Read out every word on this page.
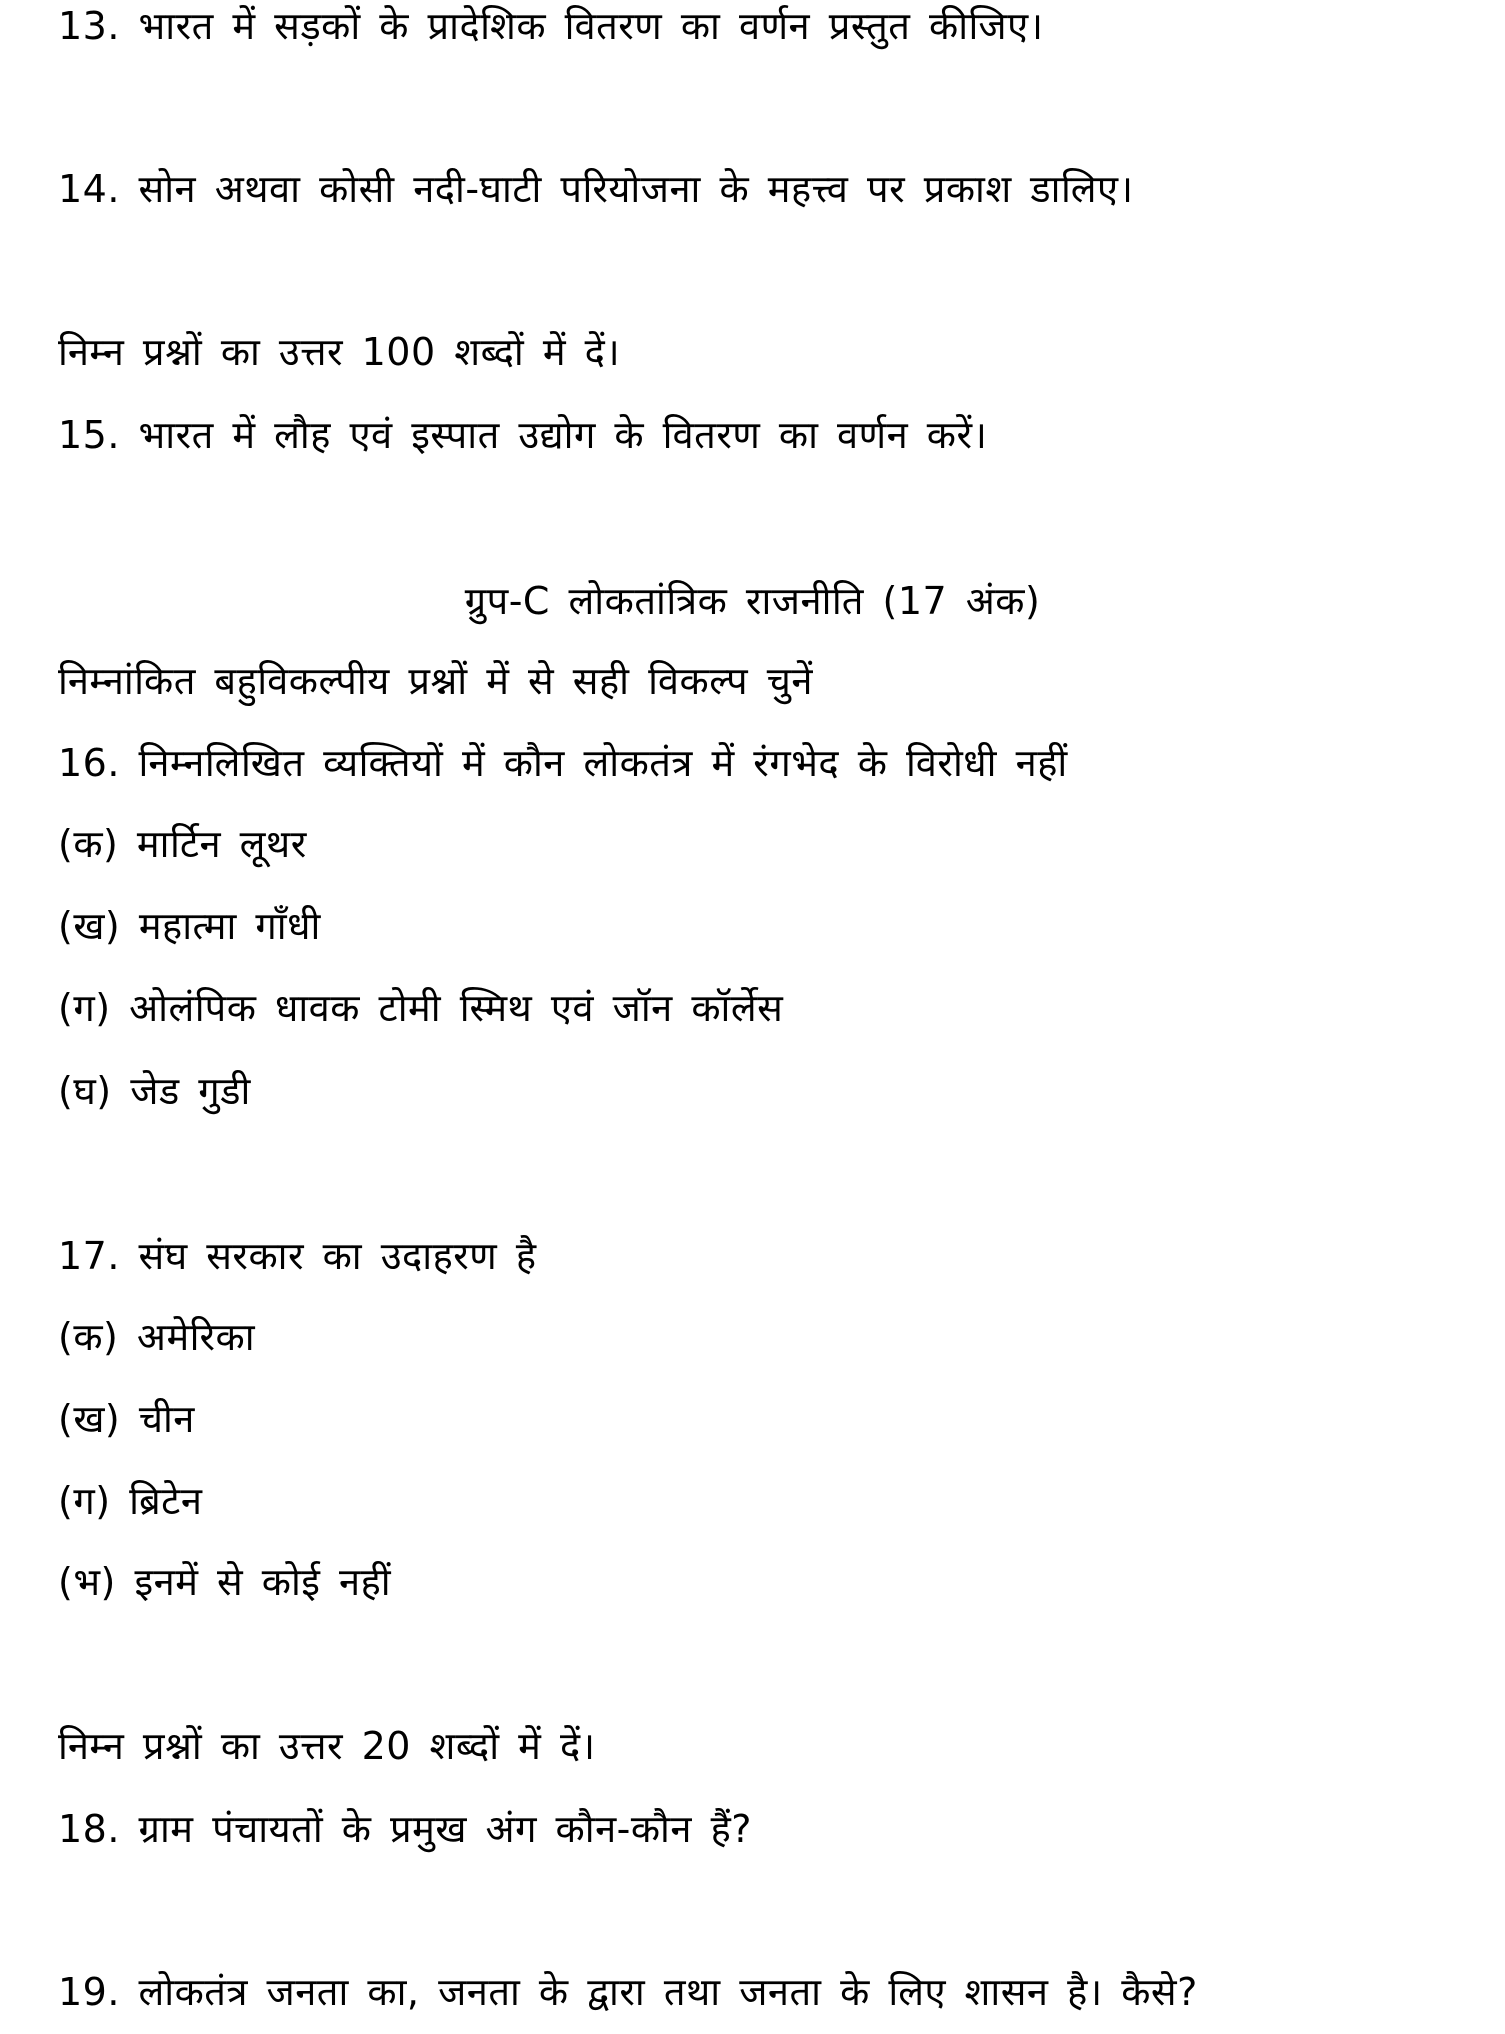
13. भारत में सड़कों के प्रादेशिक वितरण का वर्णन प्रस्तुत कीजिए।
14. सोन अथवा कोसी नदी-घाटी परियोजना के महत्त्व पर प्रकाश डालिए।
निम्न प्रश्नों का उत्तर 100 शब्दों में दें।
15. भारत में लौह एवं इस्पात उद्योग के वितरण का वर्णन करें।
ग्रुप-C लोकतांत्रिक राजनीति (17 अंक)
निम्नांकित बहुविकल्पीय प्रश्नों में से सही विकल्प चुनें
16. निम्नलिखित व्यक्तियों में कौन लोकतंत्र में रंगभेद के विरोधी नहीं
(क) मार्टिन लूथर
(ख) महात्मा गाँधी
(ग) ओलंपिक धावक टोमी स्मिथ एवं जॉन कॉर्लेस
(घ) जेड गुडी
17. संघ सरकार का उदाहरण है
(क) अमेरिका
(ख) चीन
(ग) ब्रिटेन
(भ) इनमें से कोई नहीं
निम्न प्रश्नों का उत्तर 20 शब्दों में दें।
18. ग्राम पंचायतों के प्रमुख अंग कौन-कौन हैं?
19. लोकतंत्र जनता का, जनता के द्वारा तथा जनता के लिए शासन है। कैसे?
